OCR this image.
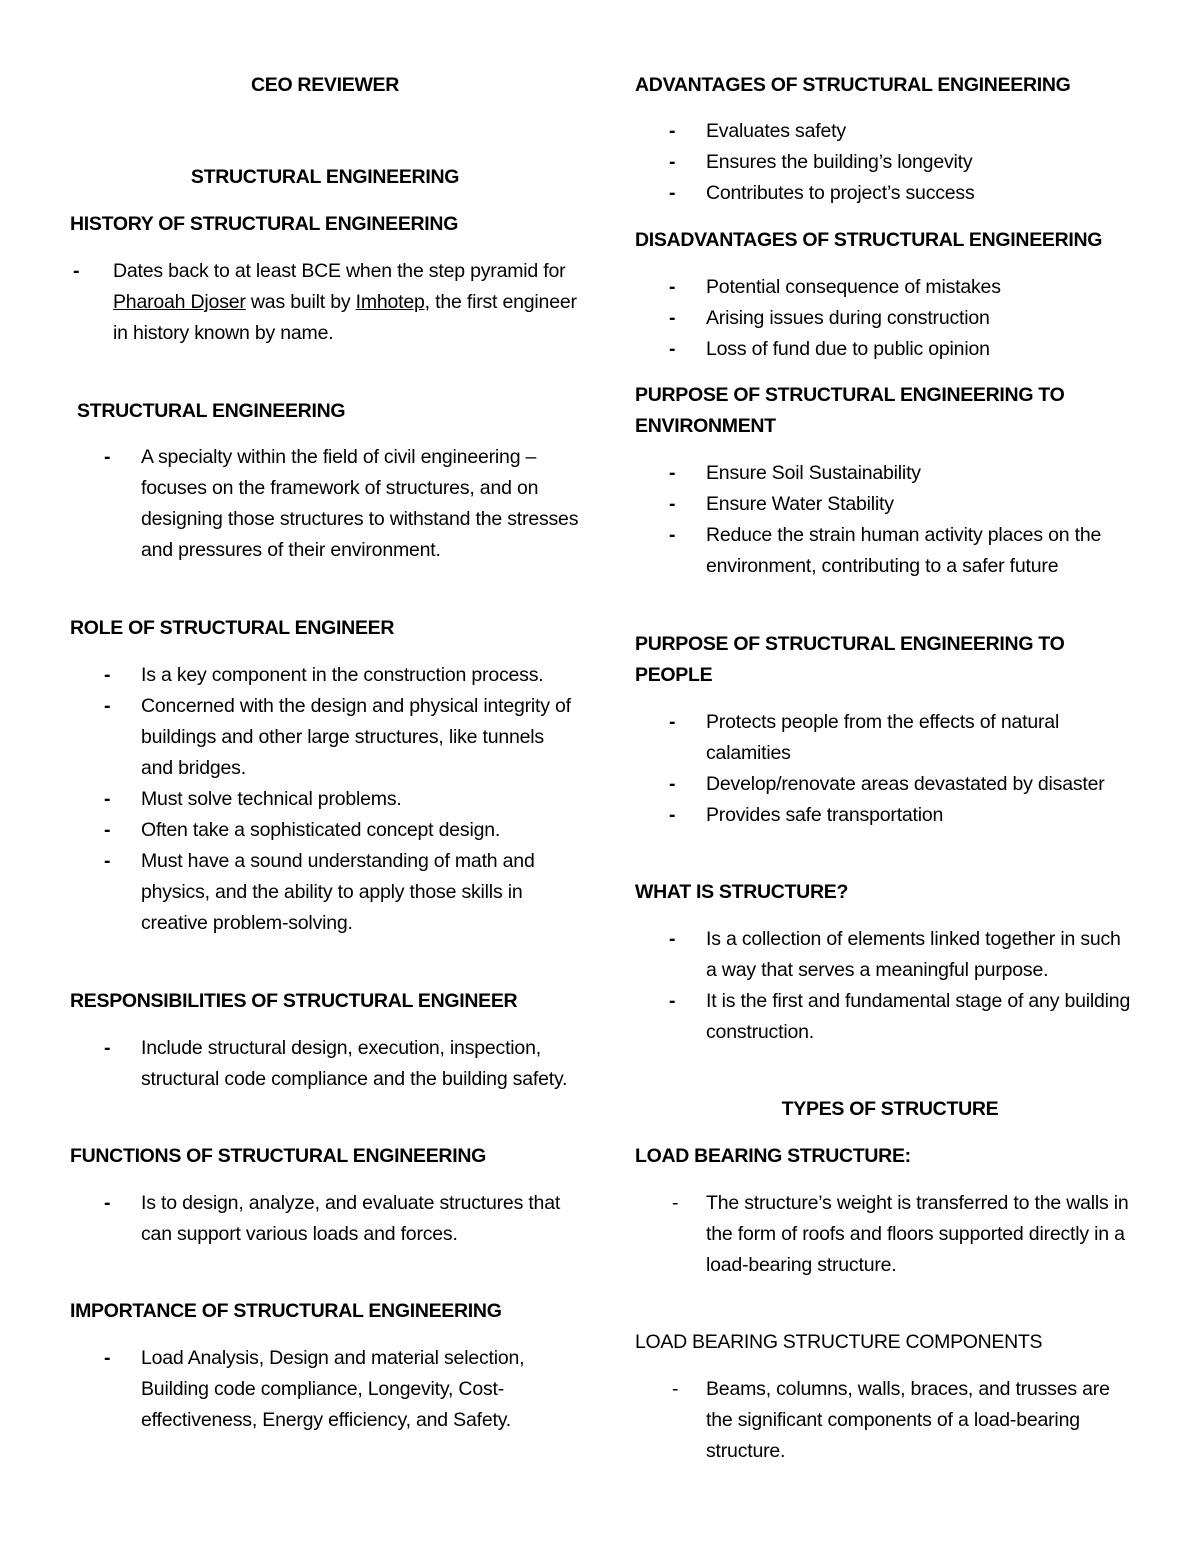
CEO REVIEWER
STRUCTURAL ENGINEERING
HISTORY OF STRUCTURAL ENGINEERING
- Dates back to at least BCE when the step pyramid for Pharoah Djoser was built by Imhotep, the first engineer in history known by name.
STRUCTURAL ENGINEERING
- A specialty within the field of civil engineering – focuses on the framework of structures, and on designing those structures to withstand the stresses and pressures of their environment.
ROLE OF STRUCTURAL ENGINEER
- Is a key component in the construction process.
- Concerned with the design and physical integrity of buildings and other large structures, like tunnels and bridges.
- Must solve technical problems.
- Often take a sophisticated concept design.
- Must have a sound understanding of math and physics, and the ability to apply those skills in creative problem-solving.
RESPONSIBILITIES OF STRUCTURAL ENGINEER
- Include structural design, execution, inspection, structural code compliance and the building safety.
FUNCTIONS OF STRUCTURAL ENGINEERING
- Is to design, analyze, and evaluate structures that can support various loads and forces.
IMPORTANCE OF STRUCTURAL ENGINEERING
- Load Analysis, Design and material selection, Building code compliance, Longevity, Cost-effectiveness, Energy efficiency, and Safety.
ADVANTAGES OF STRUCTURAL ENGINEERING
- Evaluates safety
- Ensures the building’s longevity
- Contributes to project’s success
DISADVANTAGES OF STRUCTURAL ENGINEERING
- Potential consequence of mistakes
- Arising issues during construction
- Loss of fund due to public opinion
PURPOSE OF STRUCTURAL ENGINEERING TO ENVIRONMENT
- Ensure Soil Sustainability
- Ensure Water Stability
- Reduce the strain human activity places on the environment, contributing to a safer future
PURPOSE OF STRUCTURAL ENGINEERING TO PEOPLE
- Protects people from the effects of natural calamities
- Develop/renovate areas devastated by disaster
- Provides safe transportation
WHAT IS STRUCTURE?
- Is a collection of elements linked together in such a way that serves a meaningful purpose.
- It is the first and fundamental stage of any building construction.
TYPES OF STRUCTURE
LOAD BEARING STRUCTURE:
- The structure’s weight is transferred to the walls in the form of roofs and floors supported directly in a load-bearing structure.
LOAD BEARING STRUCTURE COMPONENTS
- Beams, columns, walls, braces, and trusses are the significant components of a load-bearing structure.
